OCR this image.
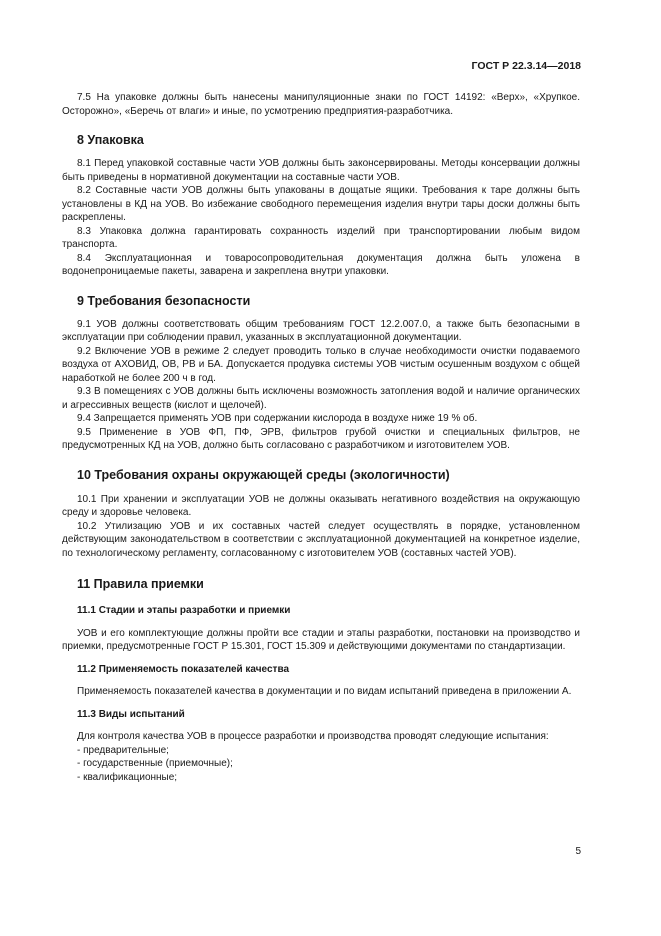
ГОСТ Р 22.3.14—2018

7.5 На упаковке должны быть нанесены манипуляционные знаки по ГОСТ 14192: «Верх», «Хрупкое. Осторожно», «Беречь от влаги» и иные, по усмотрению предприятия-разработчика.

8 Упаковка

8.1 Перед упаковкой составные части УОВ должны быть законсервированы. Методы консервации должны быть приведены в нормативной документации на составные части УОВ.

8.2 Составные части УОВ должны быть упакованы в дощатые ящики. Требования к таре должны быть установлены в КД на УОВ. Во избежание свободного перемещения изделия внутри тары доски должны быть раскреплены.

8.3 Упаковка должна гарантировать сохранность изделий при транспортировании любым видом транспорта.

8.4 Эксплуатационная и товаросопроводительная документация должна быть уложена в водонепроницаемые пакеты, заварена и закреплена внутри упаковки.

9 Требования безопасности

9.1 УОВ должны соответствовать общим требованиям ГОСТ 12.2.007.0, а также быть безопасными в эксплуатации при соблюдении правил, указанных в эксплуатационной документации.

9.2 Включение УОВ в режиме 2 следует проводить только в случае необходимости очистки подаваемого воздуха от АХОВИД, ОВ, РВ и БА. Допускается продувка системы УОВ чистым осушенным воздухом с общей наработкой не более 200 ч в год.

9.3 В помещениях с УОВ должны быть исключены возможность затопления водой и наличие органических и агрессивных веществ (кислот и щелочей).

9.4 Запрещается применять УОВ при содержании кислорода в воздухе ниже 19 % об.

9.5 Применение в УОВ ФП, ПФ, ЭРВ, фильтров грубой очистки и специальных фильтров, не предусмотренных КД на УОВ, должно быть согласовано с разработчиком и изготовителем УОВ.

10 Требования охраны окружающей среды (экологичности)

10.1 При хранении и эксплуатации УОВ не должны оказывать негативного воздействия на окружающую среду и здоровье человека.

10.2 Утилизацию УОВ и их составных частей следует осуществлять в порядке, установленном действующим законодательством в соответствии с эксплуатационной документацией на конкретное изделие, по технологическому регламенту, согласованному с изготовителем УОВ (составных частей УОВ).

11 Правила приемки
11.1 Стадии и этапы разработки и приемки

УОВ и его комплектующие должны пройти все стадии и этапы разработки, постановки на производство и приемки, предусмотренные ГОСТ Р 15.301, ГОСТ 15.309 и действующими документами по стандартизации.

11.2 Применяемость показателей качества

Применяемость показателей качества в документации и по видам испытаний приведена в приложении А.

11.3 Виды испытаний

Для контроля качества УОВ в процессе разработки и производства проводят следующие испытания:

- предварительные;
- государственные (приемочные);
- квалификационные;
5
